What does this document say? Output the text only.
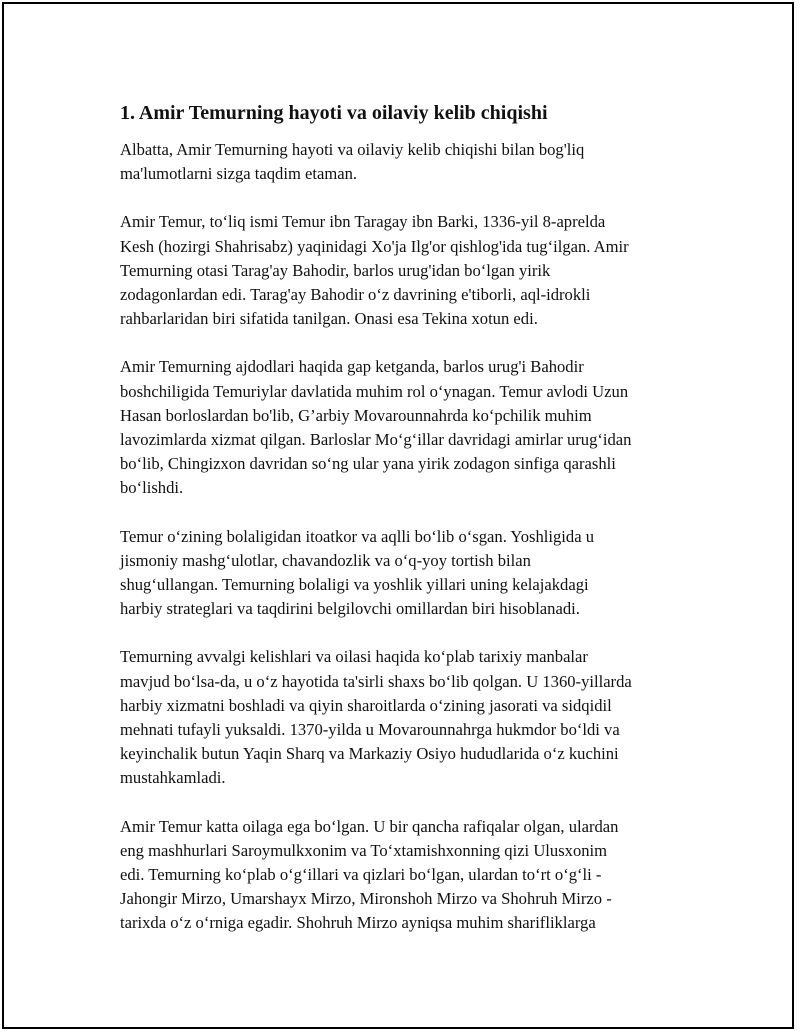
1. Amir Temurning hayoti va oilaviy kelib chiqishi

Albatta, Amir Temurning hayoti va oilaviy kelib chiqishi bilan bog'liq
ma'lumotlarni sizga taqdim etaman.

Amir Temur, to‘liq ismi Temur ibn Taragay ibn Barki, 1336-yil 8-aprelda
Kesh (hozirgi Shahrisabz) yaqinidagi Xo'ja Ilg'or qishlog'ida tug‘ilgan. Amir
Temurning otasi Tarag'ay Bahodir, barlos urug'idan bo‘lgan yirik
zodagonlardan edi. Tarag'ay Bahodir o‘z davrining e'tiborli, aql-idrokli
rahbarlaridan biri sifatida tanilgan. Onasi esa Tekina xotun edi.

Amir Temurning ajdodlari haqida gap ketganda, barlos urug'i Bahodir
boshchiligida Temuriylar davlatida muhim rol o‘ynagan. Temur avlodi Uzun
Hasan borloslardan bo'lib, G’arbiy Movarounnahrda ko‘pchilik muhim
lavozimlarda xizmat qilgan. Barloslar Mo‘g‘illar davridagi amirlar urug‘idan
bo‘lib, Chingizxon davridan so‘ng ular yana yirik zodagon sinfiga qarashli
bo‘lishdi.

Temur o‘zining bolaligidan itoatkor va aqlli bo‘lib o‘sgan. Yoshligida u
jismoniy mashg‘ulotlar, chavandozlik va o‘q-yoy tortish bilan
shug‘ullangan. Temurning bolaligi va yoshlik yillari uning kelajakdagi
harbiy strateglari va taqdirini belgilovchi omillardan biri hisoblanadi.

Temurning avvalgi kelishlari va oilasi haqida ko‘plab tarixiy manbalar
mavjud bo‘lsa-da, u o‘z hayotida ta'sirli shaxs bo‘lib qolgan. U 1360-yillarda
harbiy xizmatni boshladi va qiyin sharoitlarda o‘zining jasorati va sidqidil
mehnati tufayli yuksaldi. 1370-yilda u Movarounnahrga hukmdor bo‘ldi va
keyinchalik butun Yaqin Sharq va Markaziy Osiyo hududlarida o‘z kuchini
mustahkamladi.

Amir Temur katta oilaga ega bo‘lgan. U bir qancha rafiqalar olgan, ulardan
eng mashhurlari Saroymulkxonim va To‘xtamishxonning qizi Ulusxonim
edi. Temurning ko‘plab o‘g‘illari va qizlari bo‘lgan, ulardan to‘rt o‘g‘li -
Jahongir Mirzo, Umarshayx Mirzo, Mironshoh Mirzo va Shohruh Mirzo -
tarixda o‘z o‘rniga egadir. Shohruh Mirzo ayniqsa muhim sharifliklarga
